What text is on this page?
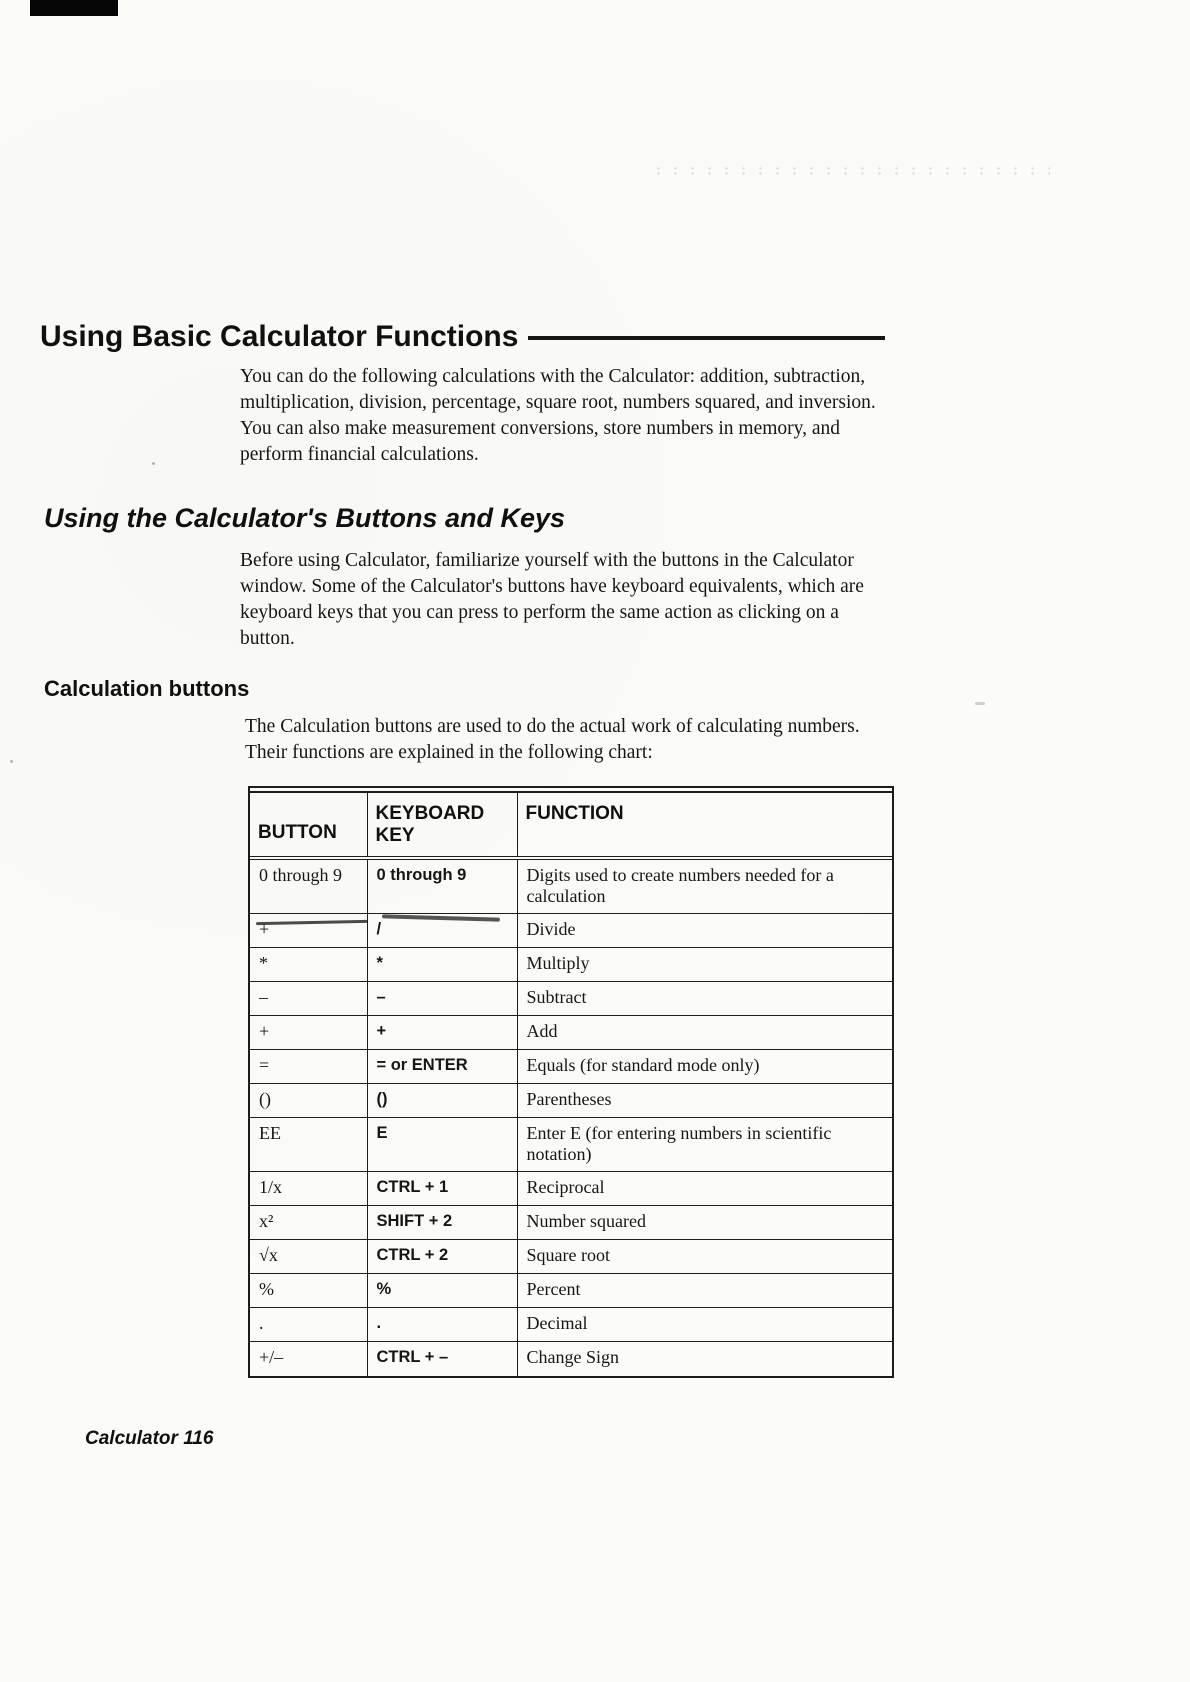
Using Basic Calculator Functions

You can do the following calculations with the Calculator: addition, subtraction, multiplication, division, percentage, square root, numbers squared, and inversion. You can also make measurement conversions, store numbers in memory, and perform financial calculations.

Using the Calculator's Buttons and Keys

Before using Calculator, familiarize yourself with the buttons in the Calculator window. Some of the Calculator's buttons have keyboard equivalents, which are keyboard keys that you can press to perform the same action as clicking on a button.

Calculation buttons

The Calculation buttons are used to do the actual work of calculating numbers. Their functions are explained in the following chart:

BUTTON	KEYBOARD KEY	FUNCTION
0 through 9	0 through 9	Digits used to create numbers needed for a calculation
+	/	Divide
*	*	Multiply
–	–	Subtract
+	+	Add
=	= or ENTER	Equals (for standard mode only)
()	()	Parentheses
EE	E	Enter E (for entering numbers in scientific notation)
1/x	CTRL + 1	Reciprocal
x²	SHIFT + 2	Number squared
√x	CTRL + 2	Square root
%	%	Percent
.	.	Decimal
+/–	CTRL + –	Change Sign
Calculator 116
